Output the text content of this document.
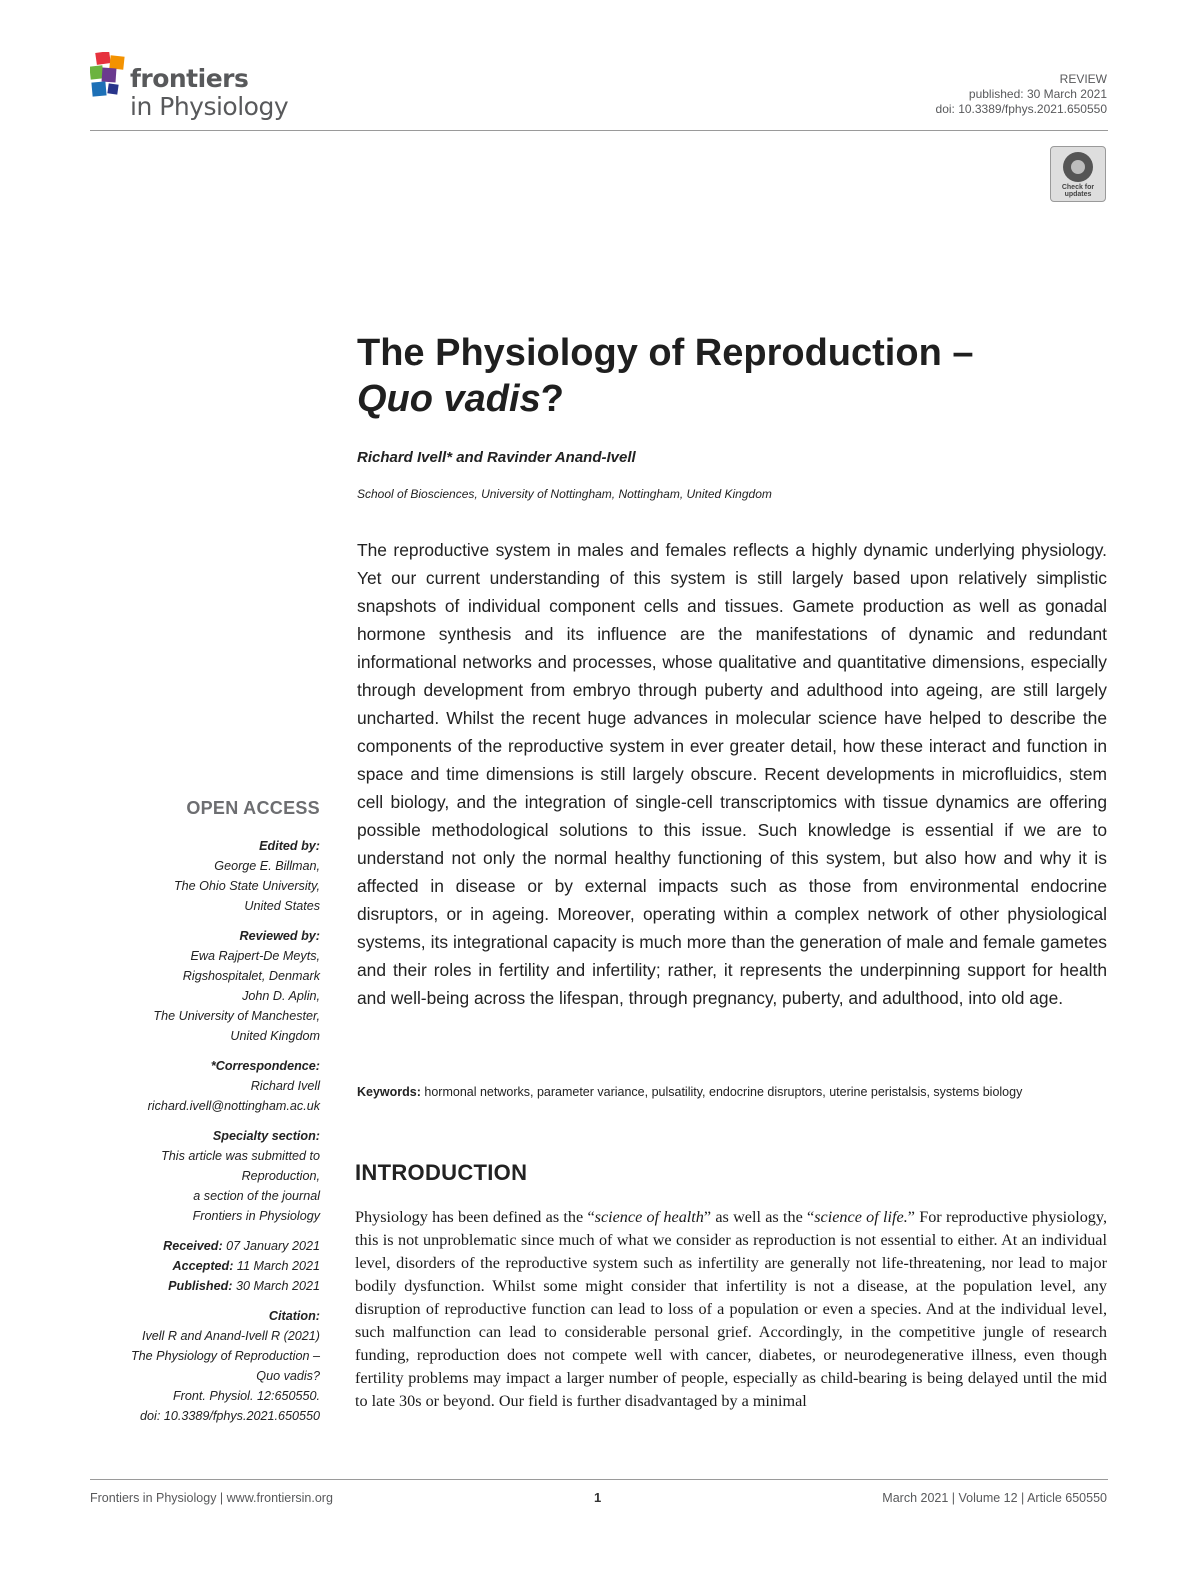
frontiers
in Physiology
REVIEW
published: 30 March 2021
doi: 10.3389/fphys.2021.650550
Check for updates
The Physiology of Reproduction –
Quo vadis?
Richard Ivell* and Ravinder Anand-Ivell
School of Biosciences, University of Nottingham, Nottingham, United Kingdom
The reproductive system in males and females reflects a highly dynamic underlying physiology. Yet our current understanding of this system is still largely based upon relatively simplistic snapshots of individual component cells and tissues. Gamete production as well as gonadal hormone synthesis and its influence are the manifestations of dynamic and redundant informational networks and processes, whose qualitative and quantitative dimensions, especially through development from embryo through puberty and adulthood into ageing, are still largely uncharted. Whilst the recent huge advances in molecular science have helped to describe the components of the reproductive system in ever greater detail, how these interact and function in space and time dimensions is still largely obscure. Recent developments in microfluidics, stem cell biology, and the integration of single-cell transcriptomics with tissue dynamics are offering possible methodological solutions to this issue. Such knowledge is essential if we are to understand not only the normal healthy functioning of this system, but also how and why it is affected in disease or by external impacts such as those from environmental endocrine disruptors, or in ageing. Moreover, operating within a complex network of other physiological systems, its integrational capacity is much more than the generation of male and female gametes and their roles in fertility and infertility; rather, it represents the underpinning support for health and well-being across the lifespan, through pregnancy, puberty, and adulthood, into old age.
Keywords: hormonal networks, parameter variance, pulsatility, endocrine disruptors, uterine peristalsis, systems biology
INTRODUCTION
Physiology has been defined as the “science of health” as well as the “science of life.” For reproductive physiology, this is not unproblematic since much of what we consider as reproduction is not essential to either. At an individual level, disorders of the reproductive system such as infertility are generally not life-threatening, nor lead to major bodily dysfunction. Whilst some might consider that infertility is not a disease, at the population level, any disruption of reproductive function can lead to loss of a population or even a species. And at the individual level, such malfunction can lead to considerable personal grief. Accordingly, in the competitive jungle of research funding, reproduction does not compete well with cancer, diabetes, or neurodegenerative illness, even though fertility problems may impact a larger number of people, especially as child-bearing is being delayed until the mid to late 30s or beyond. Our field is further disadvantaged by a minimal
OPEN ACCESS
Edited by:
George E. Billman,
The Ohio State University,
United States
Reviewed by:
Ewa Rajpert-De Meyts,
Rigshospitalet, Denmark
John D. Aplin,
The University of Manchester,
United Kingdom
*Correspondence:
Richard Ivell
richard.ivell@nottingham.ac.uk
Specialty section:
This article was submitted to
Reproduction,
a section of the journal
Frontiers in Physiology
Received: 07 January 2021
Accepted: 11 March 2021
Published: 30 March 2021
Citation:
Ivell R and Anand-Ivell R (2021)
The Physiology of Reproduction –
Quo vadis?
Front. Physiol. 12:650550.
doi: 10.3389/fphys.2021.650550
Frontiers in Physiology | www.frontiersin.org	1	March 2021 | Volume 12 | Article 650550
